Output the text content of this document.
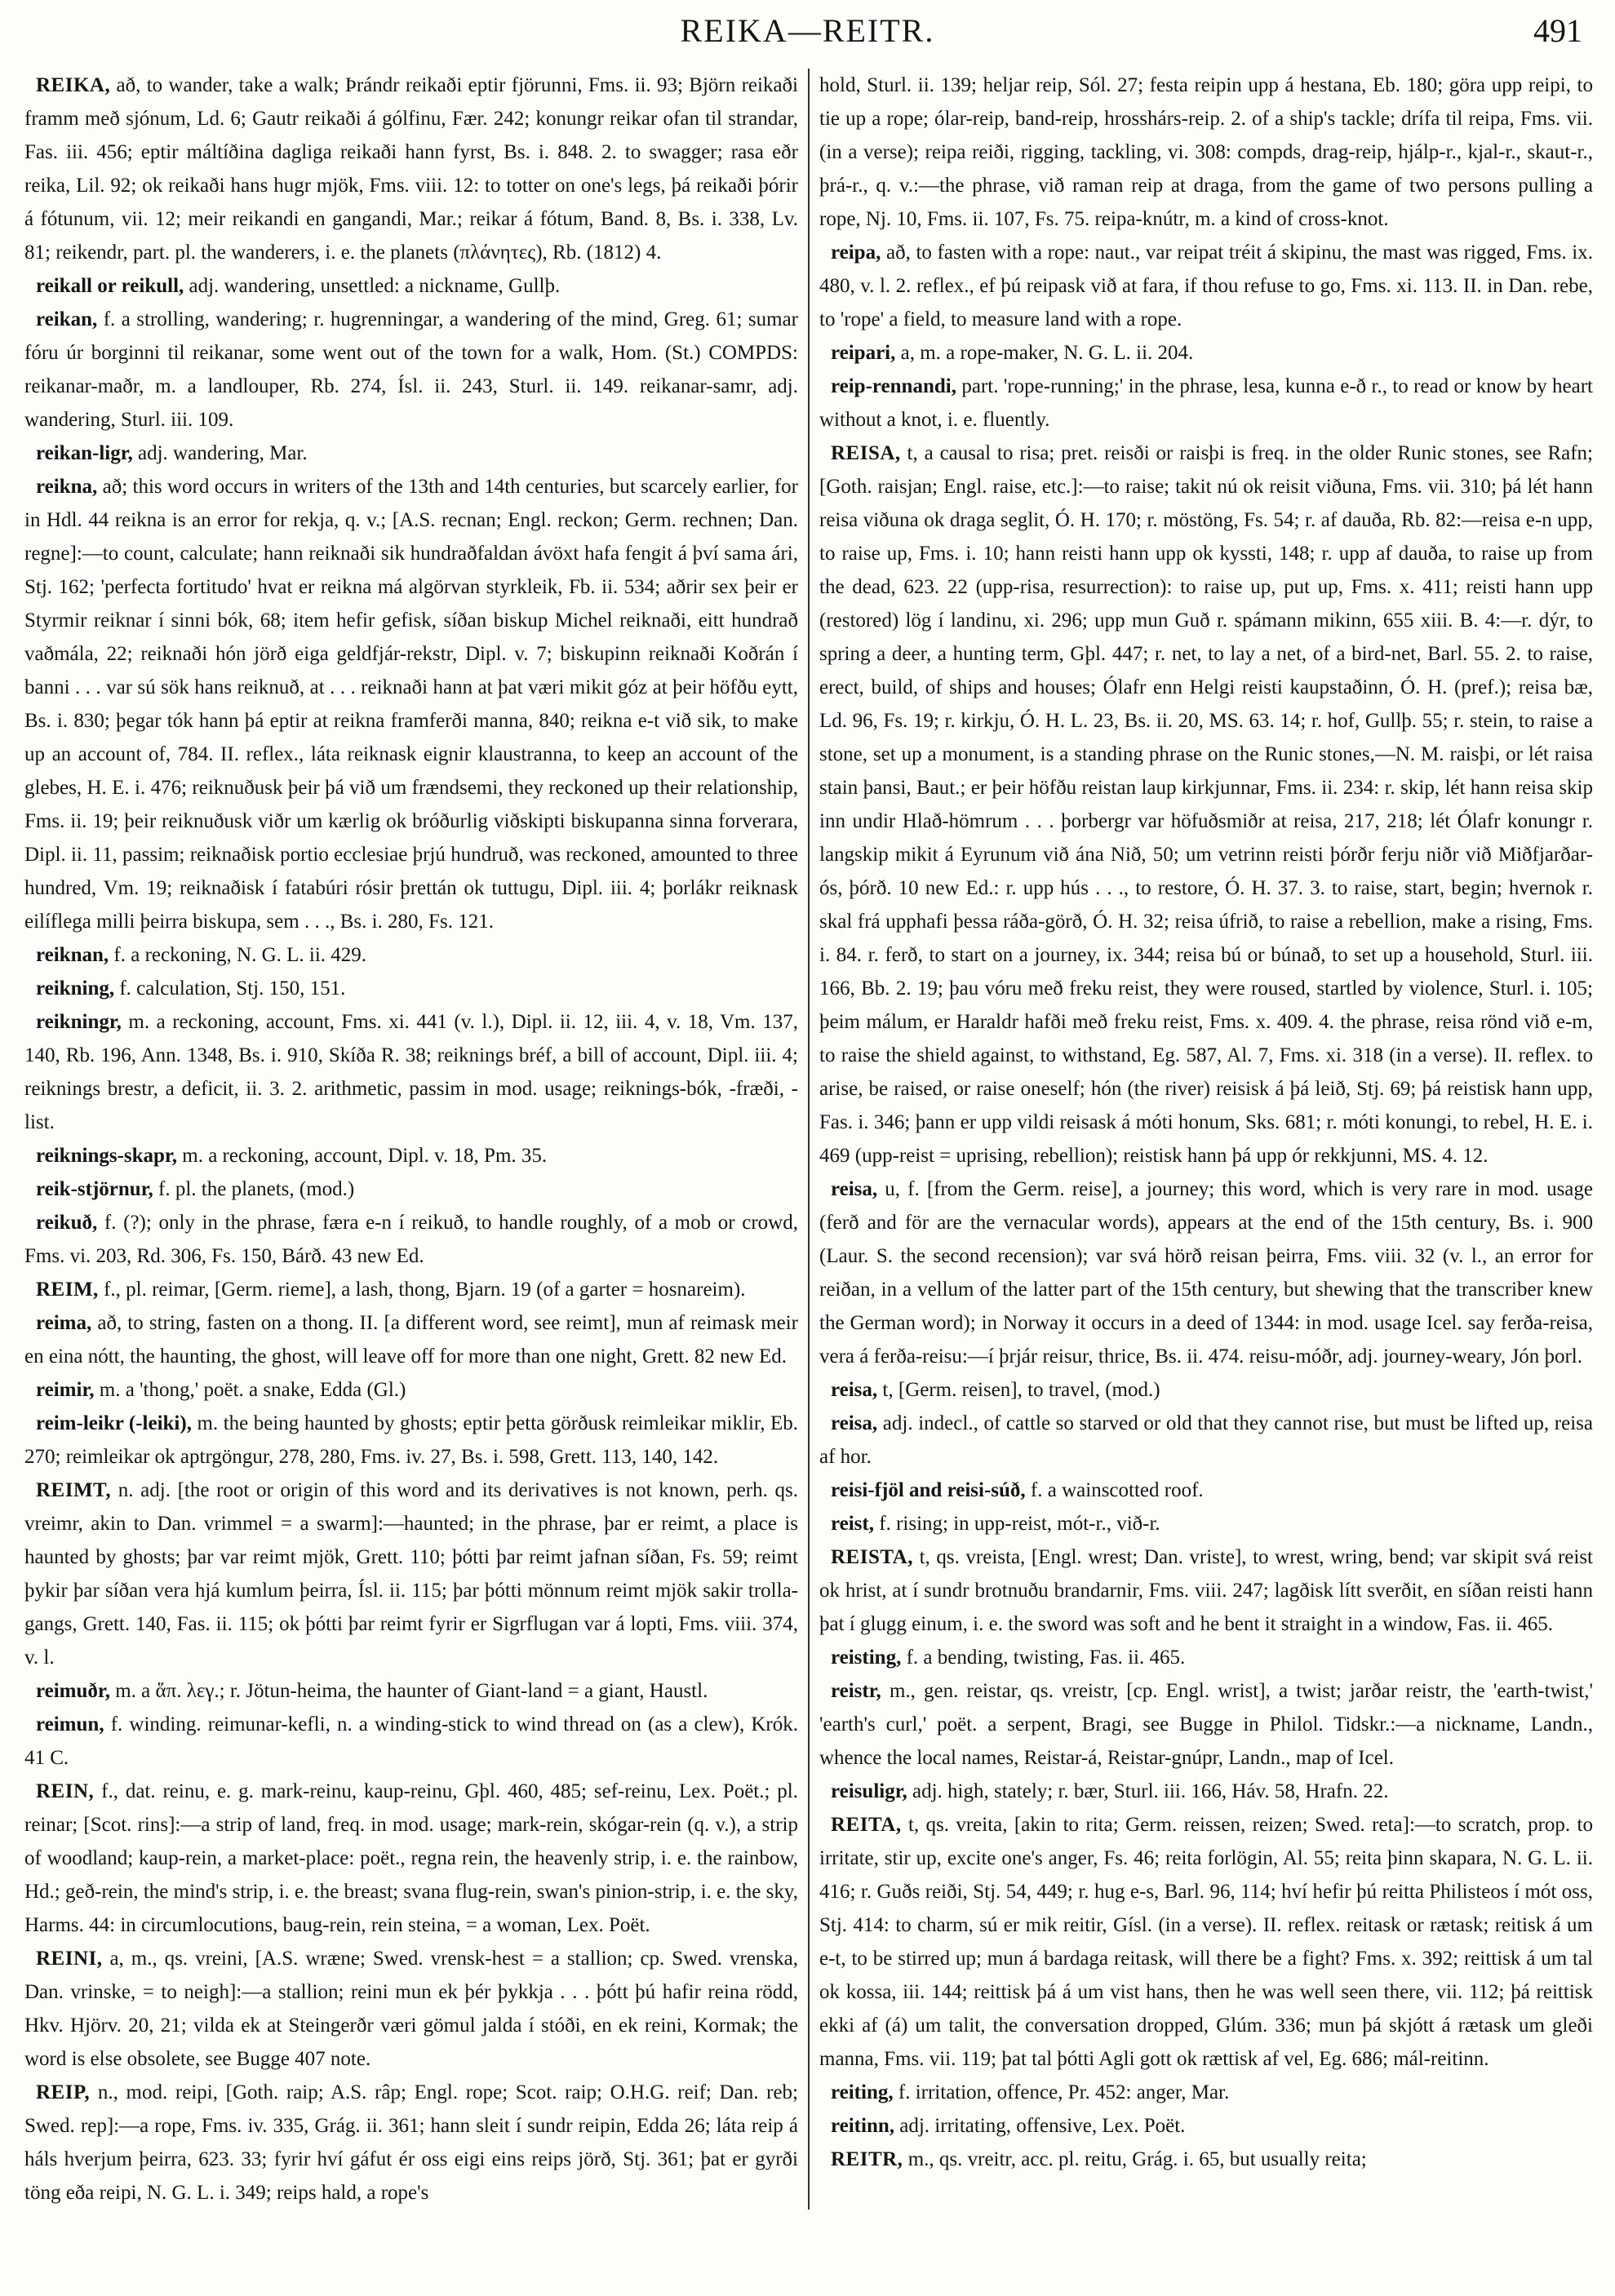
REIKA—REITR.	491

REIKA, að, to wander, take a walk; Þrándr reikaði eptir fjörunni, Fms. ii. 93; Björn reikaði framm með sjónum, Ld. 6; Gautr reikaði á gólfinu, Fær. 242; konungr reikar ofan til strandar, Fas. iii. 456; eptir máltíðina dagliga reikaði hann fyrst, Bs. i. 848. 2. to swagger; rasa eðr reika, Lil. 92; ok reikaði hans hugr mjök, Fms. viii. 12: to totter on one's legs, þá reikaði þórir á fótunum, vii. 12; meir reikandi en gangandi, Mar.; reikar á fótum, Band. 8, Bs. i. 338, Lv. 81; reikendr, part. pl. the wanderers, i. e. the planets (πλάνητες), Rb. (1812) 4.

reikall or reikull, adj. wandering, unsettled: a nickname, Gullþ.

reikan, f. a strolling, wandering; r. hugrenningar, a wandering of the mind, Greg. 61; sumar fóru úr borginni til reikanar, some went out of the town for a walk, Hom. (St.) COMPDS: reikanar-maðr, m. a landlouper, Rb. 274, Ísl. ii. 243, Sturl. ii. 149. reikanar-samr, adj. wandering, Sturl. iii. 109.

reikan-ligr, adj. wandering, Mar.

reikna, að; this word occurs in writers of the 13th and 14th centuries, but scarcely earlier, for in Hdl. 44 reikna is an error for rekja, q. v.; [A.S. recnan; Engl. reckon; Germ. rechnen; Dan. regne]:—to count, calculate; hann reiknaði sik hundraðfaldan ávöxt hafa fengit á því sama ári, Stj. 162; 'perfecta fortitudo' hvat er reikna má algörvan styrkleik, Fb. ii. 534; aðrir sex þeir er Styrmir reiknar í sinni bók, 68; item hefir gefisk, síðan biskup Michel reiknaði, eitt hundrað vaðmála, 22; reiknaði hón jörð eiga geldfjár-rekstr, Dipl. v. 7; biskupinn reiknaði Koðrán í banni . . . var sú sök hans reiknuð, at . . . reiknaði hann at þat væri mikit góz at þeir höfðu eytt, Bs. i. 830; þegar tók hann þá eptir at reikna framferði manna, 840; reikna e-t við sik, to make up an account of, 784. II. reflex., láta reiknask eignir klaustranna, to keep an account of the glebes, H. E. i. 476; reiknuðusk þeir þá við um frændsemi, they reckoned up their relationship, Fms. ii. 19; þeir reiknuðusk viðr um kærlig ok bróðurlig viðskipti biskupanna sinna forverara, Dipl. ii. 11, passim; reiknaðisk portio ecclesiae þrjú hundruð, was reckoned, amounted to three hundred, Vm. 19; reiknaðisk í fatabúri rósir þrettán ok tuttugu, Dipl. iii. 4; þorlákr reiknask eilíflega milli þeirra biskupa, sem . . ., Bs. i. 280, Fs. 121.

reiknan, f. a reckoning, N. G. L. ii. 429.

reikning, f. calculation, Stj. 150, 151.

reikningr, m. a reckoning, account, Fms. xi. 441 (v. l.), Dipl. ii. 12, iii. 4, v. 18, Vm. 137, 140, Rb. 196, Ann. 1348, Bs. i. 910, Skíða R. 38; reiknings bréf, a bill of account, Dipl. iii. 4; reiknings brestr, a deficit, ii. 3. 2. arithmetic, passim in mod. usage; reiknings-bók, -fræði, -list.

reiknings-skapr, m. a reckoning, account, Dipl. v. 18, Pm. 35.

reik-stjörnur, f. pl. the planets, (mod.)

reikuð, f. (?); only in the phrase, færa e-n í reikuð, to handle roughly, of a mob or crowd, Fms. vi. 203, Rd. 306, Fs. 150, Bárð. 43 new Ed.

REIM, f., pl. reimar, [Germ. rieme], a lash, thong, Bjarn. 19 (of a garter = hosnareim).

reima, að, to string, fasten on a thong. II. [a different word, see reimt], mun af reimask meir en eina nótt, the haunting, the ghost, will leave off for more than one night, Grett. 82 new Ed.

reimir, m. a 'thong,' poët. a snake, Edda (Gl.)

reim-leikr (-leiki), m. the being haunted by ghosts; eptir þetta görðusk reimleikar miklir, Eb. 270; reimleikar ok aptrgöngur, 278, 280, Fms. iv. 27, Bs. i. 598, Grett. 113, 140, 142.

REIMT, n. adj. [the root or origin of this word and its derivatives is not known, perh. qs. vreimr, akin to Dan. vrimmel = a swarm]:—haunted; in the phrase, þar er reimt, a place is haunted by ghosts; þar var reimt mjök, Grett. 110; þótti þar reimt jafnan síðan, Fs. 59; reimt þykir þar síðan vera hjá kumlum þeirra, Ísl. ii. 115; þar þótti mönnum reimt mjök sakir trolla-gangs, Grett. 140, Fas. ii. 115; ok þótti þar reimt fyrir er Sigrflugan var á lopti, Fms. viii. 374, v. l.

reimuðr, m. a ἅπ. λεγ.; r. Jötun-heima, the haunter of Giant-land = a giant, Haustl.

reimun, f. winding. reimunar-kefli, n. a winding-stick to wind thread on (as a clew), Krók. 41 C.

REIN, f., dat. reinu, e. g. mark-reinu, kaup-reinu, Gþl. 460, 485; sef-reinu, Lex. Poët.; pl. reinar; [Scot. rins]:—a strip of land, freq. in mod. usage; mark-rein, skógar-rein (q. v.), a strip of woodland; kaup-rein, a market-place: poët., regna rein, the heavenly strip, i. e. the rainbow, Hd.; geð-rein, the mind's strip, i. e. the breast; svana flug-rein, swan's pinion-strip, i. e. the sky, Harms. 44: in circumlocutions, baug-rein, rein steina, = a woman, Lex. Poët.

REINI, a, m., qs. vreini, [A.S. wræne; Swed. vrensk-hest = a stallion; cp. Swed. vrenska, Dan. vrinske, = to neigh]:—a stallion; reini mun ek þér þykkja . . . þótt þú hafir reina rödd, Hkv. Hjörv. 20, 21; vilda ek at Steingerðr væri gömul jalda í stóði, en ek reini, Kormak; the word is else obsolete, see Bugge 407 note.

REIP, n., mod. reipi, [Goth. raip; A.S. râp; Engl. rope; Scot. raip; O.H.G. reif; Dan. reb; Swed. rep]:—a rope, Fms. iv. 335, Grág. ii. 361; hann sleit í sundr reipin, Edda 26; láta reip á háls hverjum þeirra, 623. 33; fyrir hví gáfut ér oss eigi eins reips jörð, Stj. 361; þat er gyrði töng eða reipi, N. G. L. i. 349; reips hald, a rope's

hold, Sturl. ii. 139; heljar reip, Sól. 27; festa reipin upp á hestana, Eb. 180; göra upp reipi, to tie up a rope; ólar-reip, band-reip, hrosshárs-reip. 2. of a ship's tackle; drífa til reipa, Fms. vii. (in a verse); reipa reiði, rigging, tackling, vi. 308: compds, drag-reip, hjálp-r., kjal-r., skaut-r., þrá-r., q. v.:—the phrase, við raman reip at draga, from the game of two persons pulling a rope, Nj. 10, Fms. ii. 107, Fs. 75. reipa-knútr, m. a kind of cross-knot.

reipa, að, to fasten with a rope: naut., var reipat tréit á skipinu, the mast was rigged, Fms. ix. 480, v. l. 2. reflex., ef þú reipask við at fara, if thou refuse to go, Fms. xi. 113. II. in Dan. rebe, to 'rope' a field, to measure land with a rope.

reipari, a, m. a rope-maker, N. G. L. ii. 204.

reip-rennandi, part. 'rope-running;' in the phrase, lesa, kunna e-ð r., to read or know by heart without a knot, i. e. fluently.

REISA, t, a causal to risa; pret. reisði or raisþi is freq. in the older Runic stones, see Rafn; [Goth. raisjan; Engl. raise, etc.]:—to raise; takit nú ok reisit viðuna, Fms. vii. 310; þá lét hann reisa viðuna ok draga seglit, Ó. H. 170; r. möstöng, Fs. 54; r. af dauða, Rb. 82:—reisa e-n upp, to raise up, Fms. i. 10; hann reisti hann upp ok kyssti, 148; r. upp af dauða, to raise up from the dead, 623. 22 (upp-risa, resurrection): to raise up, put up, Fms. x. 411; reisti hann upp (restored) lög í landinu, xi. 296; upp mun Guð r. spámann mikinn, 655 xiii. B. 4:—r. dýr, to spring a deer, a hunting term, Gþl. 447; r. net, to lay a net, of a bird-net, Barl. 55. 2. to raise, erect, build, of ships and houses; Ólafr enn Helgi reisti kaupstaðinn, Ó. H. (pref.); reisa bæ, Ld. 96, Fs. 19; r. kirkju, Ó. H. L. 23, Bs. ii. 20, MS. 63. 14; r. hof, Gullþ. 55; r. stein, to raise a stone, set up a monument, is a standing phrase on the Runic stones,—N. M. raisþi, or lét raisa stain þansi, Baut.; er þeir höfðu reistan laup kirkjunnar, Fms. ii. 234: r. skip, lét hann reisa skip inn undir Hlað-hömrum . . . þorbergr var höfuðsmiðr at reisa, 217, 218; lét Ólafr konungr r. langskip mikit á Eyrunum við ána Nið, 50; um vetrinn reisti þórðr ferju niðr við Miðfjarðar-ós, þórð. 10 new Ed.: r. upp hús . . ., to restore, Ó. H. 37. 3. to raise, start, begin; hvernok r. skal frá upphafi þessa ráða-görð, Ó. H. 32; reisa úfrið, to raise a rebellion, make a rising, Fms. i. 84. r. ferð, to start on a journey, ix. 344; reisa bú or búnað, to set up a household, Sturl. iii. 166, Bb. 2. 19; þau vóru með freku reist, they were roused, startled by violence, Sturl. i. 105; þeim málum, er Haraldr hafði með freku reist, Fms. x. 409. 4. the phrase, reisa rönd við e-m, to raise the shield against, to withstand, Eg. 587, Al. 7, Fms. xi. 318 (in a verse). II. reflex. to arise, be raised, or raise oneself; hón (the river) reisisk á þá leið, Stj. 69; þá reistisk hann upp, Fas. i. 346; þann er upp vildi reisask á móti honum, Sks. 681; r. móti konungi, to rebel, H. E. i. 469 (upp-reist = uprising, rebellion); reistisk hann þá upp ór rekkjunni, MS. 4. 12.

reisa, u, f. [from the Germ. reise], a journey; this word, which is very rare in mod. usage (ferð and för are the vernacular words), appears at the end of the 15th century, Bs. i. 900 (Laur. S. the second recension); var svá hörð reisan þeirra, Fms. viii. 32 (v. l., an error for reiðan, in a vellum of the latter part of the 15th century, but shewing that the transcriber knew the German word); in Norway it occurs in a deed of 1344: in mod. usage Icel. say ferða-reisa, vera á ferða-reisu:—í þrjár reisur, thrice, Bs. ii. 474. reisu-móðr, adj. journey-weary, Jón þorl.

reisa, t, [Germ. reisen], to travel, (mod.)

reisa, adj. indecl., of cattle so starved or old that they cannot rise, but must be lifted up, reisa af hor.

reisi-fjöl and reisi-súð, f. a wainscotted roof.

reist, f. rising; in upp-reist, mót-r., við-r.

REISTA, t, qs. vreista, [Engl. wrest; Dan. vriste], to wrest, wring, bend; var skipit svá reist ok hrist, at í sundr brotnuðu brandarnir, Fms. viii. 247; lagðisk lítt sverðit, en síðan reisti hann þat í glugg einum, i. e. the sword was soft and he bent it straight in a window, Fas. ii. 465.

reisting, f. a bending, twisting, Fas. ii. 465.

reistr, m., gen. reistar, qs. vreistr, [cp. Engl. wrist], a twist; jarðar reistr, the 'earth-twist,' 'earth's curl,' poët. a serpent, Bragi, see Bugge in Philol. Tidskr.:—a nickname, Landn., whence the local names, Reistar-á, Reistar-gnúpr, Landn., map of Icel.

reisuligr, adj. high, stately; r. bær, Sturl. iii. 166, Háv. 58, Hrafn. 22.

REITA, t, qs. vreita, [akin to rita; Germ. reissen, reizen; Swed. reta]:—to scratch, prop. to irritate, stir up, excite one's anger, Fs. 46; reita forlögin, Al. 55; reita þinn skapara, N. G. L. ii. 416; r. Guðs reiði, Stj. 54, 449; r. hug e-s, Barl. 96, 114; hví hefir þú reitta Philisteos í mót oss, Stj. 414: to charm, sú er mik reitir, Gísl. (in a verse). II. reflex. reitask or rætask; reitisk á um e-t, to be stirred up; mun á bardaga reitask, will there be a fight? Fms. x. 392; reittisk á um tal ok kossa, iii. 144; reittisk þá á um vist hans, then he was well seen there, vii. 112; þá reittisk ekki af (á) um talit, the conversation dropped, Glúm. 336; mun þá skjótt á rætask um gleði manna, Fms. vii. 119; þat tal þótti Agli gott ok rættisk af vel, Eg. 686; mál-reitinn.

reiting, f. irritation, offence, Pr. 452: anger, Mar.

reitinn, adj. irritating, offensive, Lex. Poët.

REITR, m., qs. vreitr, acc. pl. reitu, Grág. i. 65, but usually reita;
